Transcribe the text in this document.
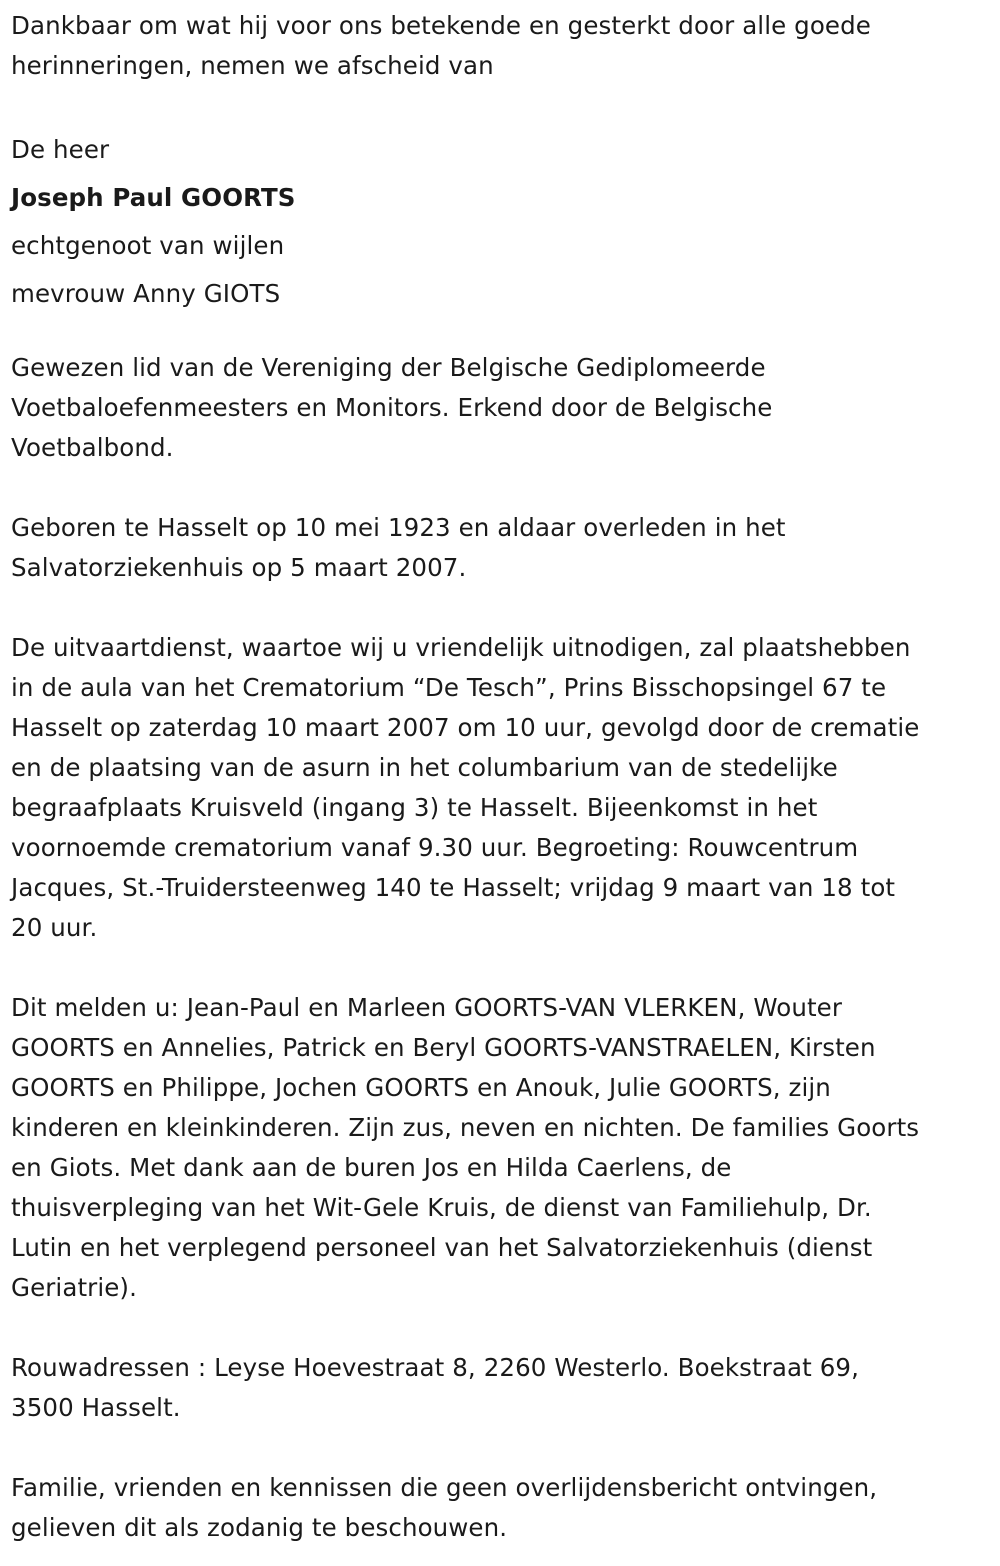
Dankbaar om wat hij voor ons betekende en gesterkt door alle goede
herinneringen, nemen we afscheid van

De heer

Joseph Paul GOORTS

echtgenoot van wijlen

mevrouw Anny GIOTS

Gewezen lid van de Vereniging der Belgische Gediplomeerde
Voetbaloefenmeesters en Monitors. Erkend door de Belgische
Voetbalbond.

Geboren te Hasselt op 10 mei 1923 en aldaar overleden in het
Salvatorziekenhuis op 5 maart 2007.

De uitvaartdienst, waartoe wij u vriendelijk uitnodigen, zal plaatshebben
in de aula van het Crematorium “De Tesch”, Prins Bisschopsingel 67 te
Hasselt op zaterdag 10 maart 2007 om 10 uur, gevolgd door de crematie
en de plaatsing van de asurn in het columbarium van de stedelijke
begraafplaats Kruisveld (ingang 3) te Hasselt. Bijeenkomst in het
voornoemde crematorium vanaf 9.30 uur. Begroeting: Rouwcentrum
Jacques, St.-Truidersteenweg 140 te Hasselt; vrijdag 9 maart van 18 tot
20 uur.

Dit melden u: Jean-Paul en Marleen GOORTS-VAN VLERKEN, Wouter
GOORTS en Annelies, Patrick en Beryl GOORTS-VANSTRAELEN, Kirsten
GOORTS en Philippe, Jochen GOORTS en Anouk, Julie GOORTS, zijn
kinderen en kleinkinderen. Zijn zus, neven en nichten. De families Goorts
en Giots. Met dank aan de buren Jos en Hilda Caerlens, de
thuisverpleging van het Wit-Gele Kruis, de dienst van Familiehulp, Dr.
Lutin en het verplegend personeel van het Salvatorziekenhuis (dienst
Geriatrie).

Rouwadressen : Leyse Hoevestraat 8, 2260 Westerlo. Boekstraat 69,
3500 Hasselt.

Familie, vrienden en kennissen die geen overlijdensbericht ontvingen,
gelieven dit als zodanig te beschouwen.
